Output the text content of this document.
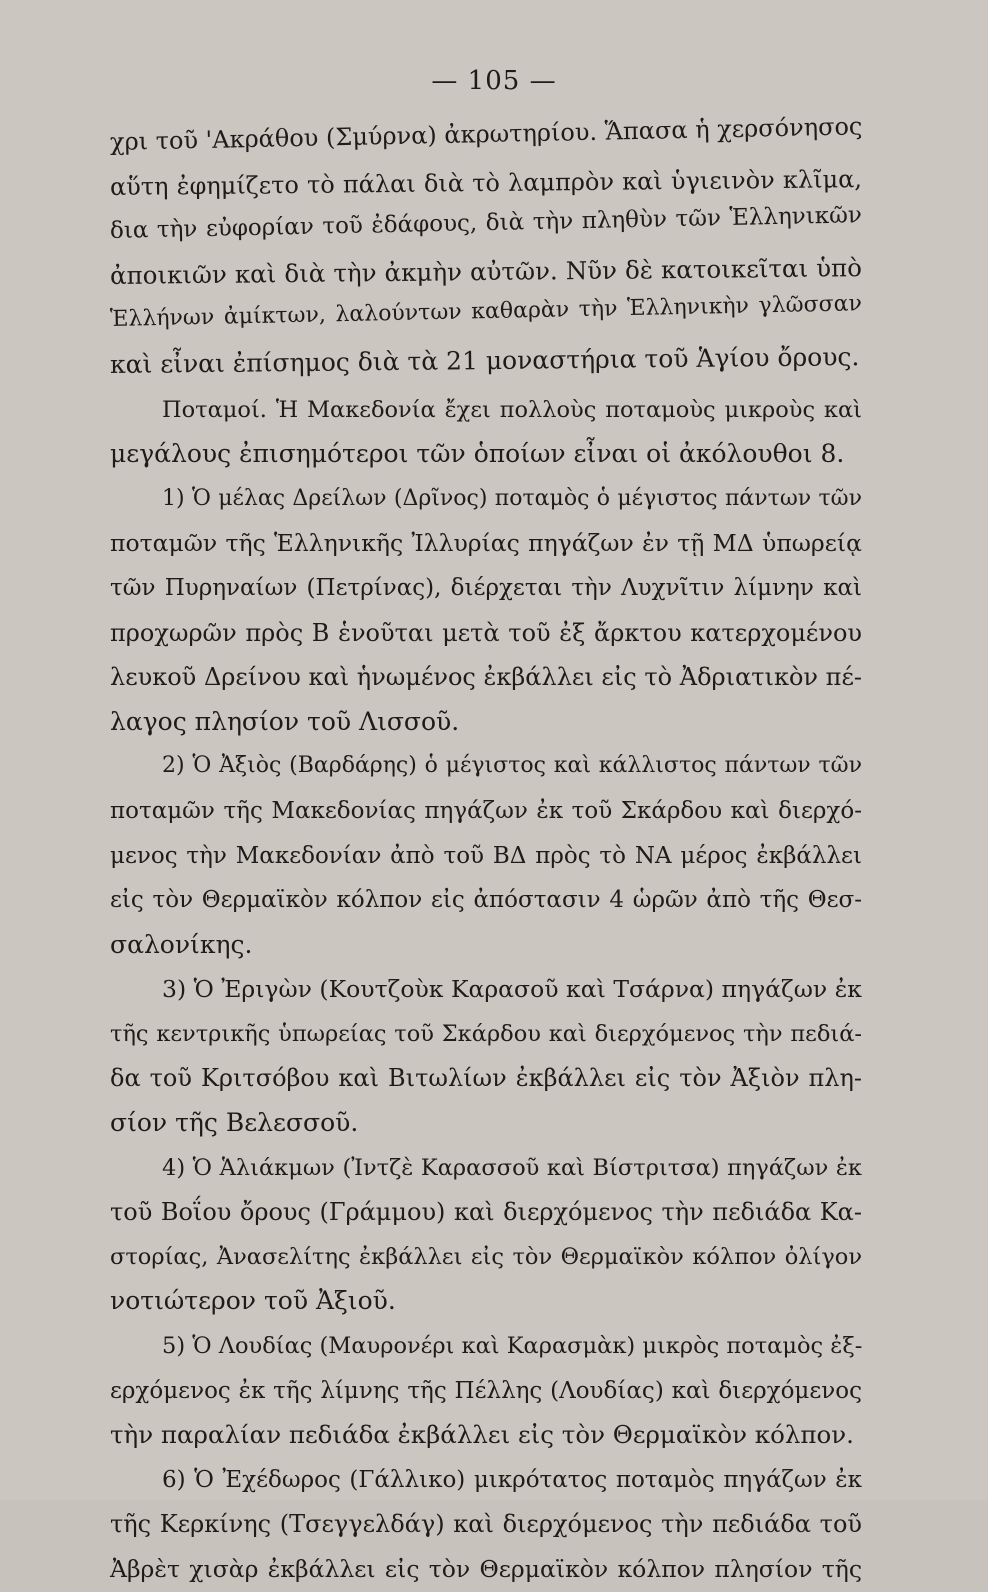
— 105 —
χρι τοῦ 'Ακράθου (Σμύρνα) ἀκρωτηρίου. Ἅπασα ἡ χερσόνησος
αὕτη ἐφημίζετο τὸ πάλαι διὰ τὸ λαμπρὸν καὶ ὑγιεινὸν κλῖμα,
δια τὴν εὐφορίαν τοῦ ἐδάφους, διὰ τὴν πληθὺν τῶν Ἑλληνικῶν
ἀποικιῶν καὶ διὰ τὴν ἀκμὴν αὐτῶν. Νῦν δὲ κατοικεῖται ὑπὸ
Ἑλλήνων ἀμίκτων, λαλούντων καθαρὰν τὴν Ἑλληνικὴν γλῶσσαν
καὶ εἶναι ἐπίσημος διὰ τὰ 21 μοναστήρια τοῦ Ἁγίου ὄρους.
Ποταμοί. Ἡ Μακεδονία ἔχει πολλοὺς ποταμοὺς μικροὺς καὶ
μεγάλους ἐπισημότεροι τῶν ὁποίων εἶναι οἱ ἀκόλουθοι 8.
1) Ὁ μέλας Δρείλων (Δρῖνος) ποταμὸς ὁ μέγιστος πάντων τῶν
ποταμῶν τῆς Ἑλληνικῆς Ἰλλυρίας πηγάζων ἐν τῇ ΜΔ ὑπωρείᾳ
τῶν Πυρηναίων (Πετρίνας), διέρχεται τὴν Λυχνῖτιν λίμνην καὶ
προχωρῶν πρὸς Β ἑνοῦται μετὰ τοῦ ἐξ ἄρκτου κατερχομένου
λευκοῦ Δρείνου καὶ ἡνωμένος ἐκβάλλει εἰς τὸ Ἀδριατικὸν πέ-
λαγος πλησίον τοῦ Λισσοῦ.
2) Ὁ Ἀξιὸς (Βαρδάρης) ὁ μέγιστος καὶ κάλλιστος πάντων τῶν
ποταμῶν τῆς Μακεδονίας πηγάζων ἐκ τοῦ Σκάρδου καὶ διερχό-
μενος τὴν Μακεδονίαν ἀπὸ τοῦ ΒΔ πρὸς τὸ ΝΑ μέρος ἐκβάλλει
εἰς τὸν Θερμαϊκὸν κόλπον εἰς ἀπόστασιν 4 ὡρῶν ἀπὸ τῆς Θεσ-
σαλονίκης.
3) Ὁ Ἐριγὼν (Κουτζοὺκ Καρασοῦ καὶ Τσάρνα) πηγάζων ἐκ
τῆς κεντρικῆς ὑπωρείας τοῦ Σκάρδου καὶ διερχόμενος τὴν πεδιά-
δα τοῦ Κριτσόβου καὶ Βιτωλίων ἐκβάλλει εἰς τὸν Ἀξιὸν πλη-
σίον τῆς Βελεσσοῦ.
4) Ὁ Ἁλιάκμων (Ἰντζὲ Καρασσοῦ καὶ Βίστριτσα) πηγάζων ἐκ
τοῦ Βοΐου ὄρους (Γράμμου) καὶ διερχόμενος τὴν πεδιάδα Κα-
στορίας, Ἀνασελίτης ἐκβάλλει εἰς τὸν Θερμαϊκὸν κόλπον ὀλίγον
νοτιώτερον τοῦ Ἀξιοῦ.
5) Ὁ Λουδίας (Μαυρονέρι καὶ Καρασμὰκ) μικρὸς ποταμὸς ἐξ-
ερχόμενος ἐκ τῆς λίμνης τῆς Πέλλης (Λουδίας) καὶ διερχόμενος
τὴν παραλίαν πεδιάδα ἐκβάλλει εἰς τὸν Θερμαϊκὸν κόλπον.
6) Ὁ Ἐχέδωρος (Γάλλικο) μικρότατος ποταμὸς πηγάζων ἐκ
τῆς Κερκίνης (Τσεγγελδάγ) καὶ διερχόμενος τὴν πεδιάδα τοῦ
Ἀβρὲτ χισὰρ ἐκβάλλει εἰς τὸν Θερμαϊκὸν κόλπον πλησίον τῆς
